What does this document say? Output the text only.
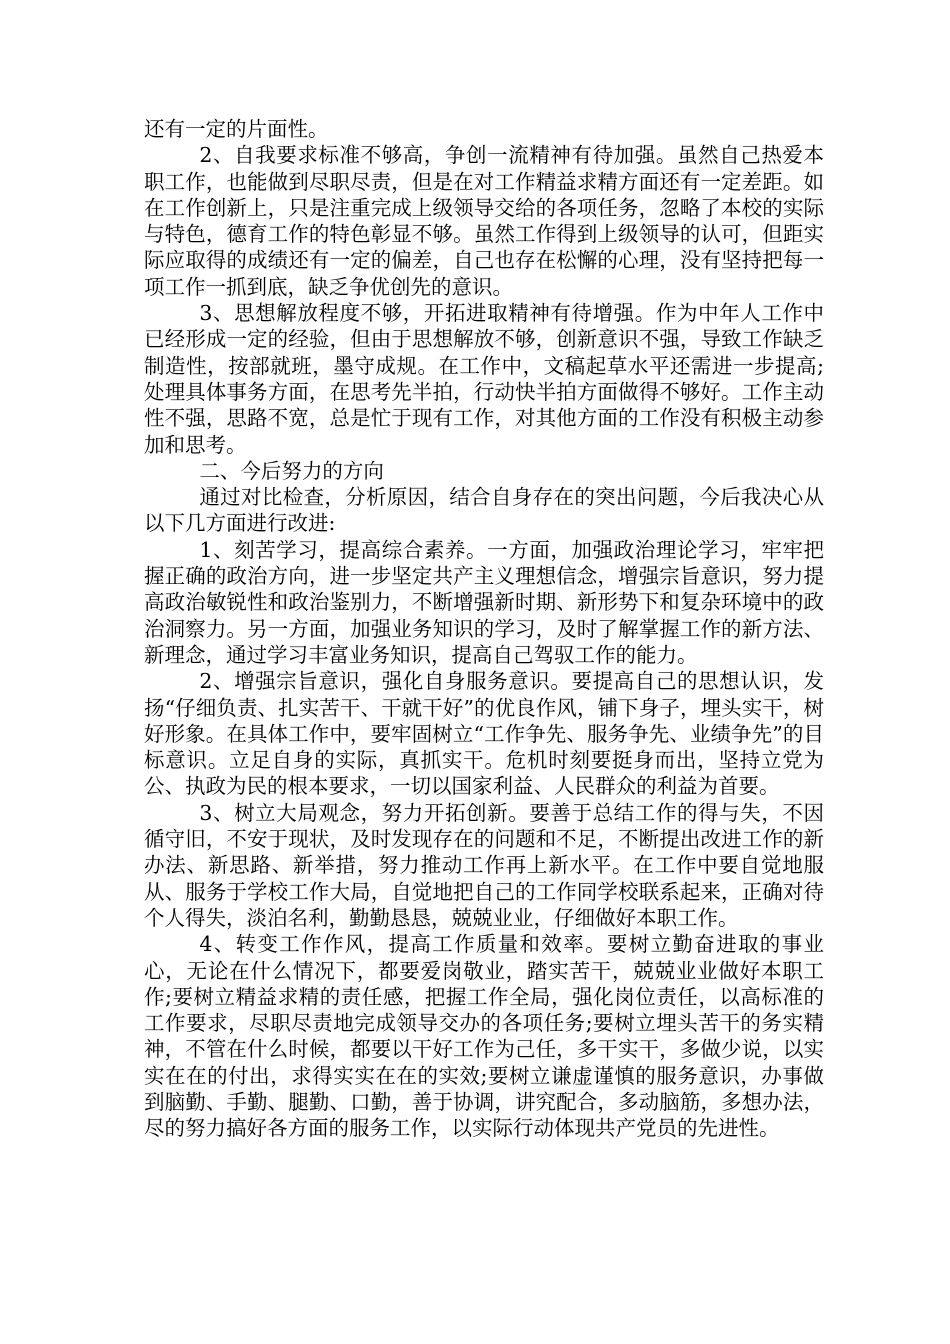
还有一定的片面性。

2、自我要求标准不够高，争创一流精神有待加强。虽然自己热爱本职工作，也能做到尽职尽责，但是在对工作精益求精方面还有一定差距。如在工作创新上，只是注重完成上级领导交给的各项任务，忽略了本校的实际与特色，德育工作的特色彰显不够。虽然工作得到上级领导的认可，但距实际应取得的成绩还有一定的偏差，自己也存在松懈的心理，没有坚持把每一项工作一抓到底，缺乏争优创先的意识。

3、思想解放程度不够，开拓进取精神有待增强。作为中年人工作中已经形成一定的经验，但由于思想解放不够，创新意识不强，导致工作缺乏制造性，按部就班，墨守成规。在工作中，文稿起草水平还需进一步提高;处理具体事务方面，在思考先半拍，行动快半拍方面做得不够好。工作主动性不强，思路不宽，总是忙于现有工作，对其他方面的工作没有积极主动参加和思考。

二、今后努力的方向

通过对比检查，分析原因，结合自身存在的突出问题，今后我决心从以下几方面进行改进:

1、刻苦学习，提高综合素养。一方面，加强政治理论学习，牢牢把握正确的政治方向，进一步坚定共产主义理想信念，增强宗旨意识，努力提高政治敏锐性和政治鉴别力，不断增强新时期、新形势下和复杂环境中的政治洞察力。另一方面，加强业务知识的学习，及时了解掌握工作的新方法、新理念，通过学习丰富业务知识，提高自己驾驭工作的能力。

2、增强宗旨意识，强化自身服务意识。要提高自己的思想认识，发扬“仔细负责、扎实苦干、干就干好”的优良作风，铺下身子，埋头实干，树好形象。在具体工作中，要牢固树立“工作争先、服务争先、业绩争先”的目标意识。立足自身的实际，真抓实干。危机时刻要挺身而出，坚持立党为公、执政为民的根本要求，一切以国家利益、人民群众的利益为首要。

3、树立大局观念，努力开拓创新。要善于总结工作的得与失，不因循守旧，不安于现状，及时发现存在的问题和不足，不断提出改进工作的新办法、新思路、新举措，努力推动工作再上新水平。在工作中要自觉地服从、服务于学校工作大局，自觉地把自己的工作同学校联系起来，正确对待个人得失，淡泊名利，勤勤恳恳，兢兢业业，仔细做好本职工作。

4、转变工作作风，提高工作质量和效率。要树立勤奋进取的事业心，无论在什么情况下，都要爱岗敬业，踏实苦干，兢兢业业做好本职工作;要树立精益求精的责任感，把握工作全局，强化岗位责任，以高标准的工作要求，尽职尽责地完成领导交办的各项任务;要树立埋头苦干的务实精神，不管在什么时候，都要以干好工作为己任，多干实干，多做少说，以实实在在的付出，求得实实在在的实效;要树立谦虚谨慎的服务意识，办事做到脑勤、手勤、腿勤、口勤，善于协调，讲究配合，多动脑筋，多想办法，尽的努力搞好各方面的服务工作，以实际行动体现共产党员的先进性。
